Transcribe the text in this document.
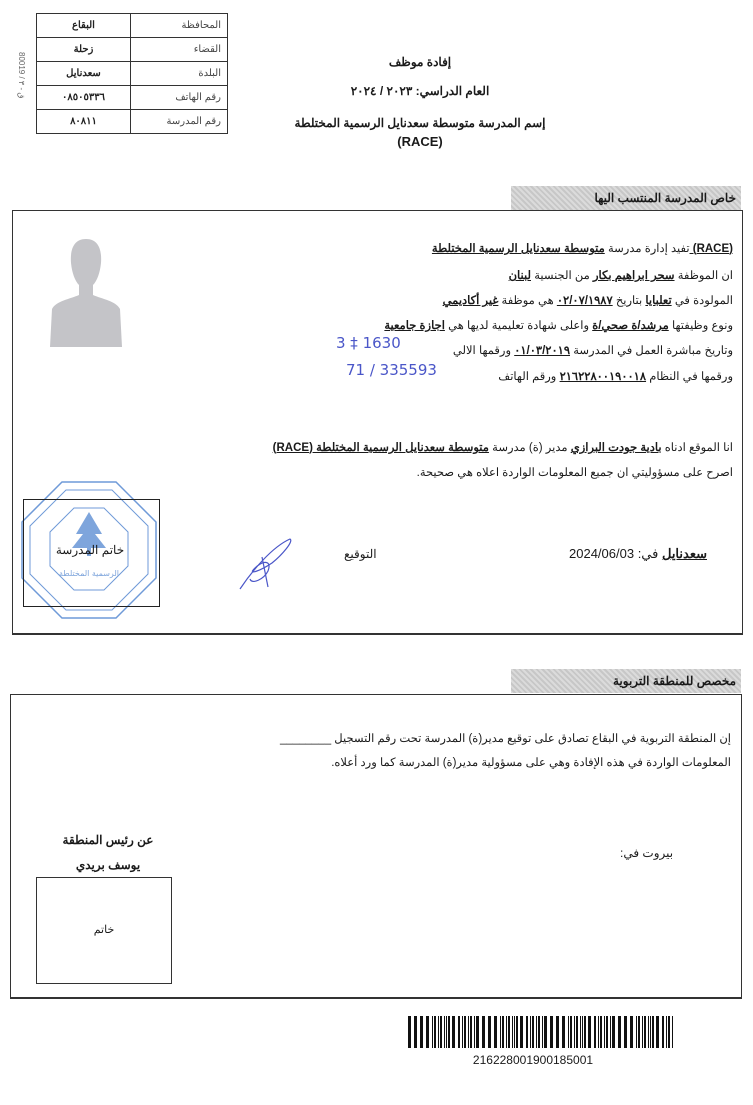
80019 / ق - ٣
البقاع	المحافظة
زحلة	القضاء
سعدنايل	البلدة
٠٨٥٠٥٣٣٦	رقم الهاتف
٨٠٨١١	رقم المدرسة
إفادة موظف
العام الدراسي: ٢٠٢٣ / ٢٠٢٤
إسم المدرسة متوسطة سعدنايل الرسمية المختلطة
(RACE)
خاص المدرسة المنتسب اليها
(RACE) تفيد إدارة مدرسة متوسطة سعدنايل الرسمية المختلطة
ان الموظفة سحر ابراهيم بكار من الجنسية لبنان
المولودة في تعلبايا بتاريخ ٠٢/٠٧/١٩٨٧ هي موظفة غير أكاديمي
ونوع وظيفتها مرشد/ة صحي/ة واعلى شهادة تعليمية لديها هي اجازة جامعية
وتاريخ مباشرة العمل في المدرسة ٠١/٠٣/٢٠١٩ ورقمها الالي
ورقمها في النظام ٢١٦٢٢٨٠٠١٩٠٠١٨ ورقم الهاتف
3 ‡ 1630
71 / 335593
انا الموقع ادناه بادية جودت البرازي مدير (ة) مدرسة متوسطة سعدنايل الرسمية المختلطة (RACE)
اصرح على مسؤوليتي ان جميع المعلومات الواردة اعلاه هي صحيحة.
سعدنايل في: 2024/06/03
التوقيع
الرسمية المختلطة
خاتم المدرسة
مخصص للمنطقة التربوية
إن المنطقة التربوية في البقاع تصادق على توقيع مدير(ة) المدرسة تحت رقم التسجيل ________
المعلومات الواردة في هذه الإفادة وهي على مسؤولية مدير(ة) المدرسة كما ورد أعلاه.
بيروت في:
عن رئيس المنطقة
يوسف بريدي
خاتم
216228001900185001
